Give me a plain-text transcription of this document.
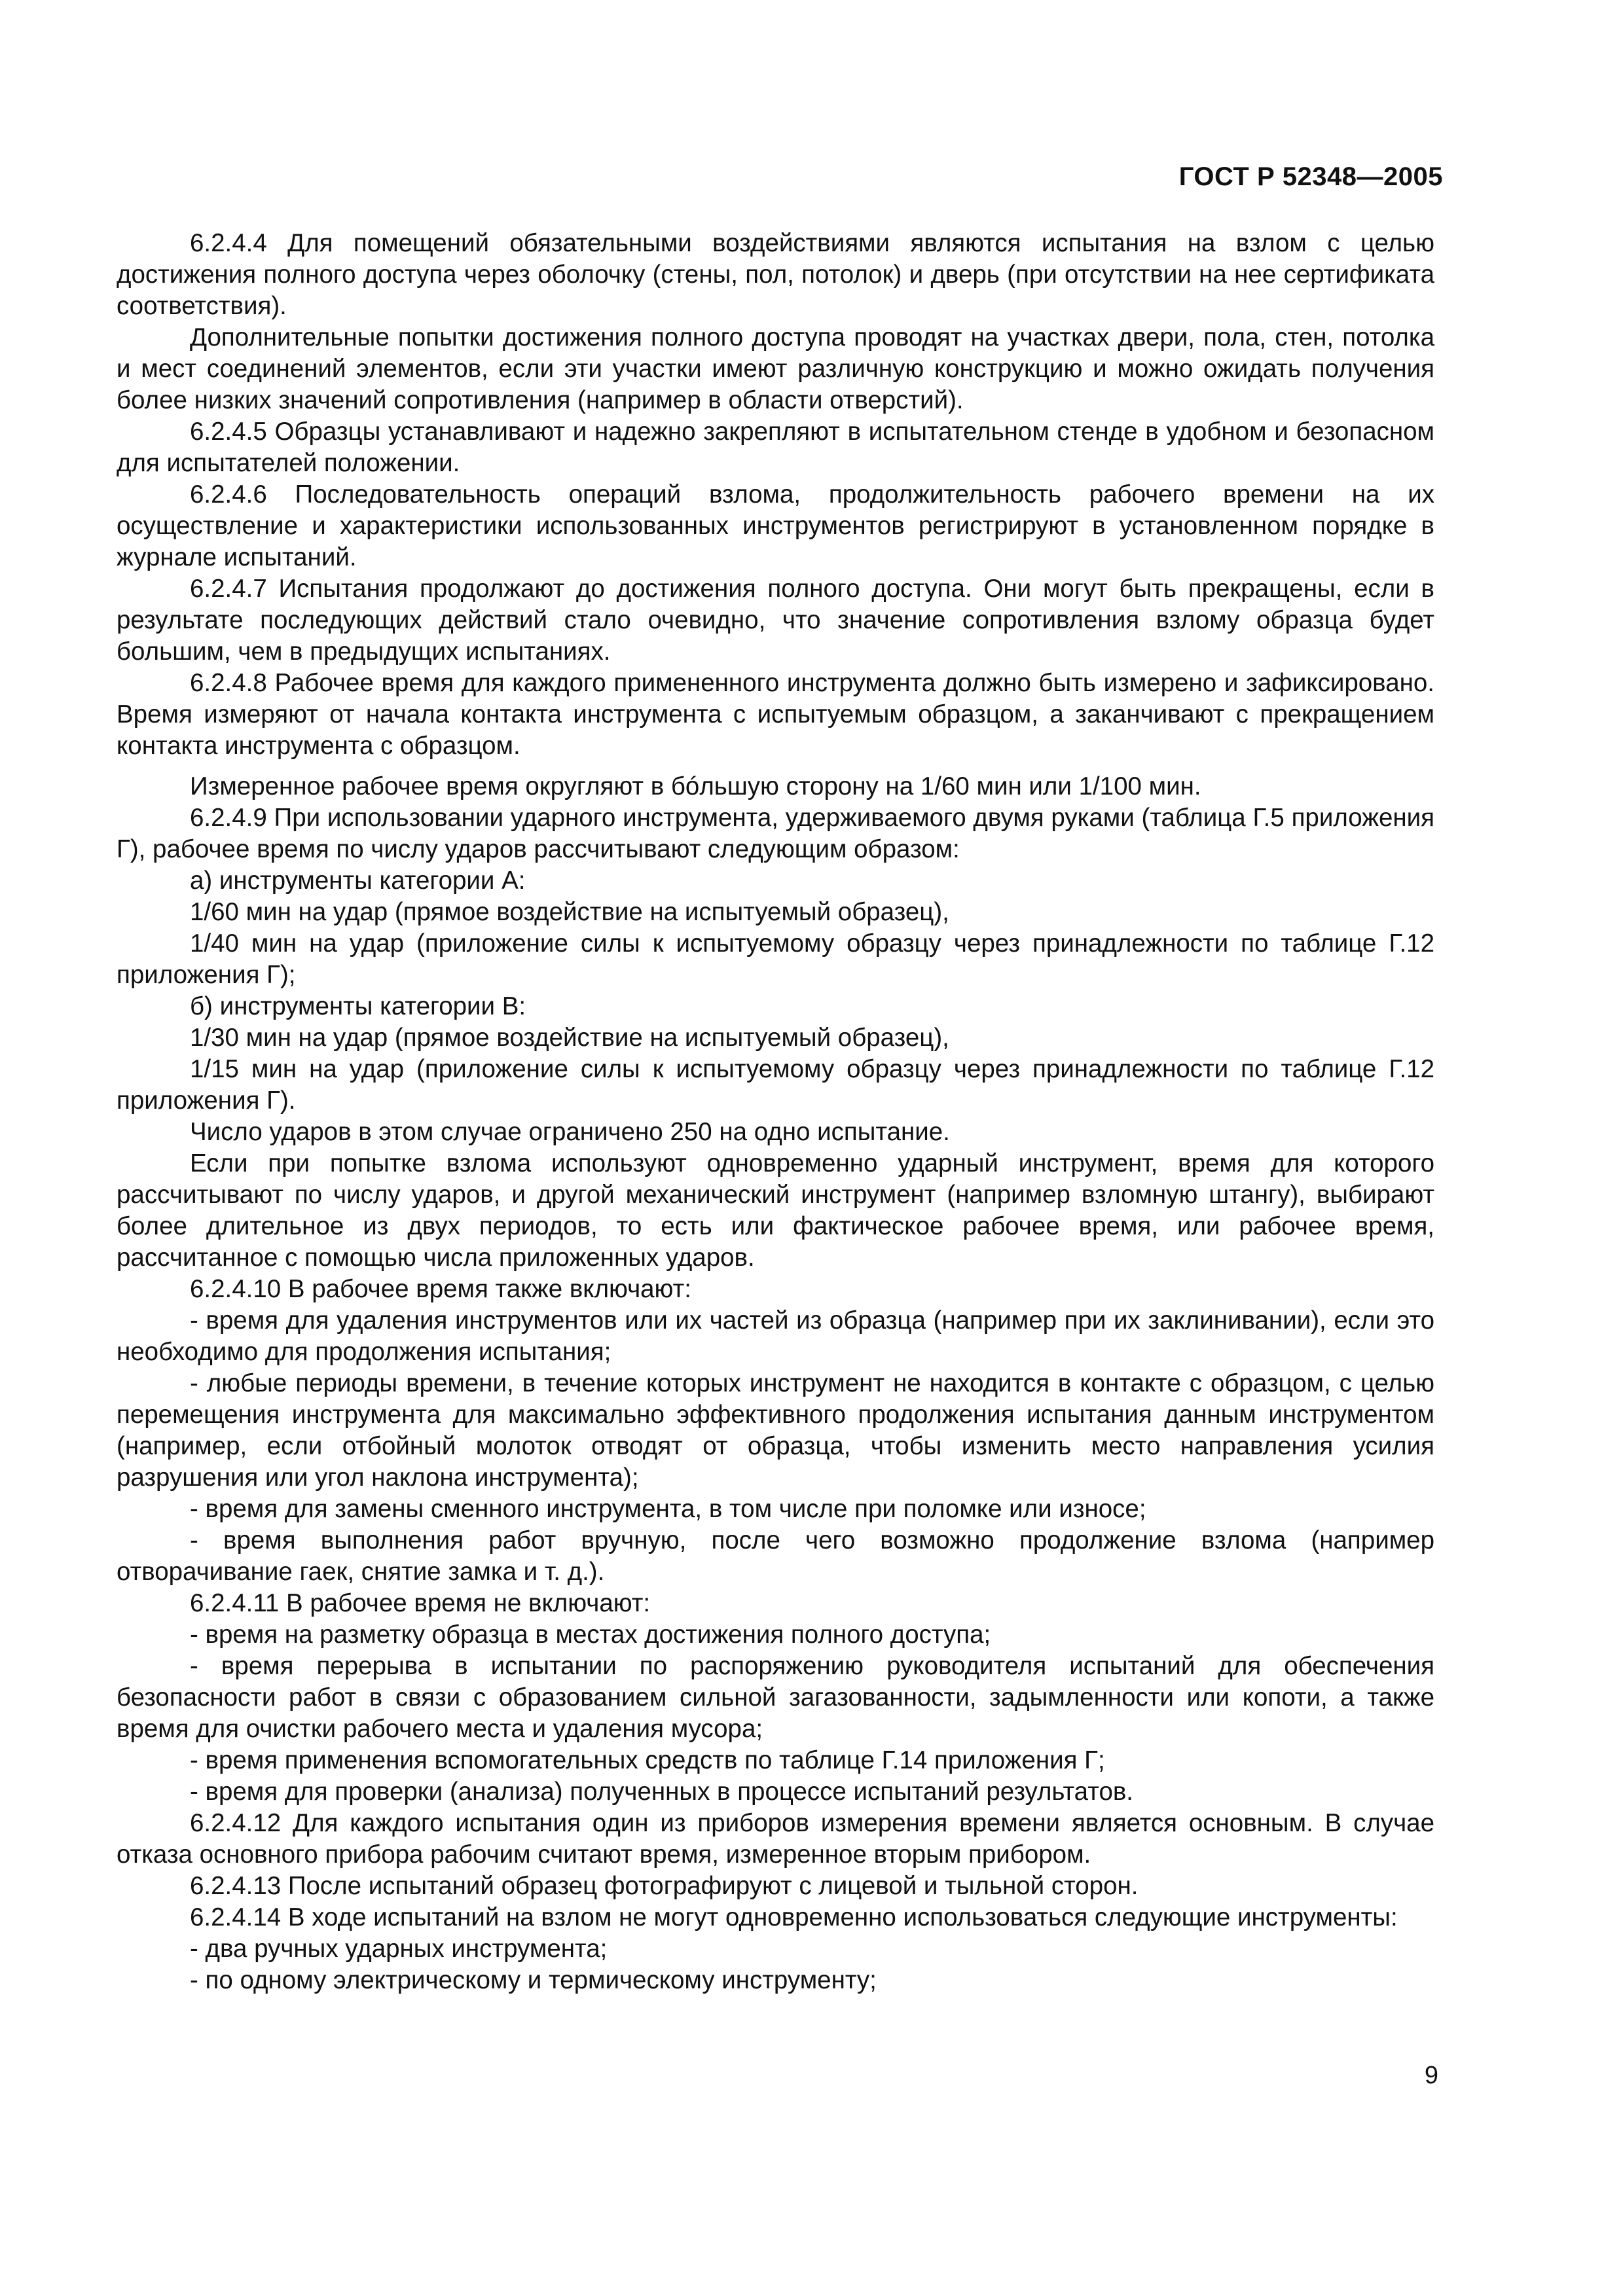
ГОСТ Р 52348—2005

6.2.4.4 Для помещений обязательными воздействиями являются испытания на взлом с целью достижения полного доступа через оболочку (стены, пол, потолок) и дверь (при отсутствии на нее сертификата соответствия).

Дополнительные попытки достижения полного доступа проводят на участках двери, пола, стен, потолка и мест соединений элементов, если эти участки имеют различную конструкцию и можно ожидать получения более низких значений сопротивления (например в области отверстий).

6.2.4.5 Образцы устанавливают и надежно закрепляют в испытательном стенде в удобном и безопасном для испытателей положении.

6.2.4.6 Последовательность операций взлома, продолжительность рабочего времени на их осуществление и характеристики использованных инструментов регистрируют в установленном порядке в журнале испытаний.

6.2.4.7 Испытания продолжают до достижения полного доступа. Они могут быть прекращены, если в результате последующих действий стало очевидно, что значение сопротивления взлому образца будет большим, чем в предыдущих испытаниях.

6.2.4.8 Рабочее время для каждого примененного инструмента должно быть измерено и зафиксировано. Время измеряют от начала контакта инструмента с испытуемым образцом, а заканчивают с прекращением контакта инструмента с образцом.

Измеренное рабочее время округляют в бóльшую сторону на 1/60 мин или 1/100 мин.

6.2.4.9 При использовании ударного инструмента, удерживаемого двумя руками (таблица Г.5 приложения Г), рабочее время по числу ударов рассчитывают следующим образом:

а) инструменты категории А:

1/60 мин на удар (прямое воздействие на испытуемый образец),

1/40 мин на удар (приложение силы к испытуемому образцу через принадлежности по таблице Г.12 приложения Г);

б) инструменты категории В:

1/30 мин на удар (прямое воздействие на испытуемый образец),

1/15 мин на удар (приложение силы к испытуемому образцу через принадлежности по таблице Г.12 приложения Г).

Число ударов в этом случае ограничено 250 на одно испытание.

Если при попытке взлома используют одновременно ударный инструмент, время для которого рассчитывают по числу ударов, и другой механический инструмент (например взломную штангу), выбирают более длительное из двух периодов, то есть или фактическое рабочее время, или рабочее время, рассчитанное с помощью числа приложенных ударов.

6.2.4.10 В рабочее время также включают:

- время для удаления инструментов или их частей из образца (например при их заклинивании), если это необходимо для продолжения испытания;

- любые периоды времени, в течение которых инструмент не находится в контакте с образцом, с целью перемещения инструмента для максимально эффективного продолжения испытания данным инструментом (например, если отбойный молоток отводят от образца, чтобы изменить место направления усилия разрушения или угол наклона инструмента);

- время для замены сменного инструмента, в том числе при поломке или износе;

- время выполнения работ вручную, после чего возможно продолжение взлома (например отворачивание гаек, снятие замка и т. д.).

6.2.4.11 В рабочее время не включают:

- время на разметку образца в местах достижения полного доступа;

- время перерыва в испытании по распоряжению руководителя испытаний для обеспечения безопасности работ в связи с образованием сильной загазованности, задымленности или копоти, а также время для очистки рабочего места и удаления мусора;

- время применения вспомогательных средств по таблице Г.14 приложения Г;

- время для проверки (анализа) полученных в процессе испытаний результатов.

6.2.4.12 Для каждого испытания один из приборов измерения времени является основным. В случае отказа основного прибора рабочим считают время, измеренное вторым прибором.

6.2.4.13 После испытаний образец фотографируют с лицевой и тыльной сторон.

6.2.4.14 В ходе испытаний на взлом не могут одновременно использоваться следующие инструменты:

- два ручных ударных инструмента;

- по одному электрическому и термическому инструменту;

9
